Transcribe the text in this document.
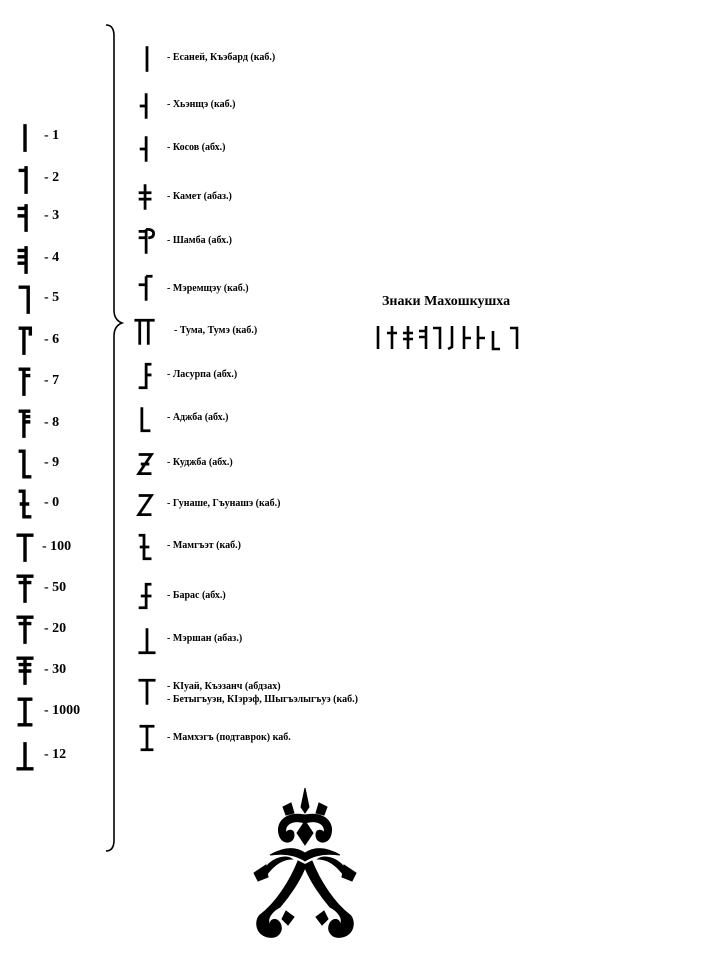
- 1
- 2
- 3
- 4
- 5
- 6
- 7
- 8
- 9
- 0
- 100
- 50
- 20
- 30
- 1000
- 12
- Есаней, Къэбард (каб.)
- Хьэнщэ (каб.)
- Косов (абх.)
- Камет (абаз.)
- Шамба (абх.)
- Мэремщэу (каб.)
- Тума, Тумэ (каб.)
- Ласурпа (абх.)
- Аджба (абх.)
- Куджба (абх.)
- Гунаше, Гъунашэ (каб.)
- Мамгъэт (каб.)
- Барас (абх.)
- Мэршан (абаз.)
- КIуай, Къэзанч (абдзах)
- Бетыгъуэн, КIэрэф, Шыгъэлыгъуэ (каб.)
- Мамхэгъ (подтаврок) каб.
Знаки Махошкушха
